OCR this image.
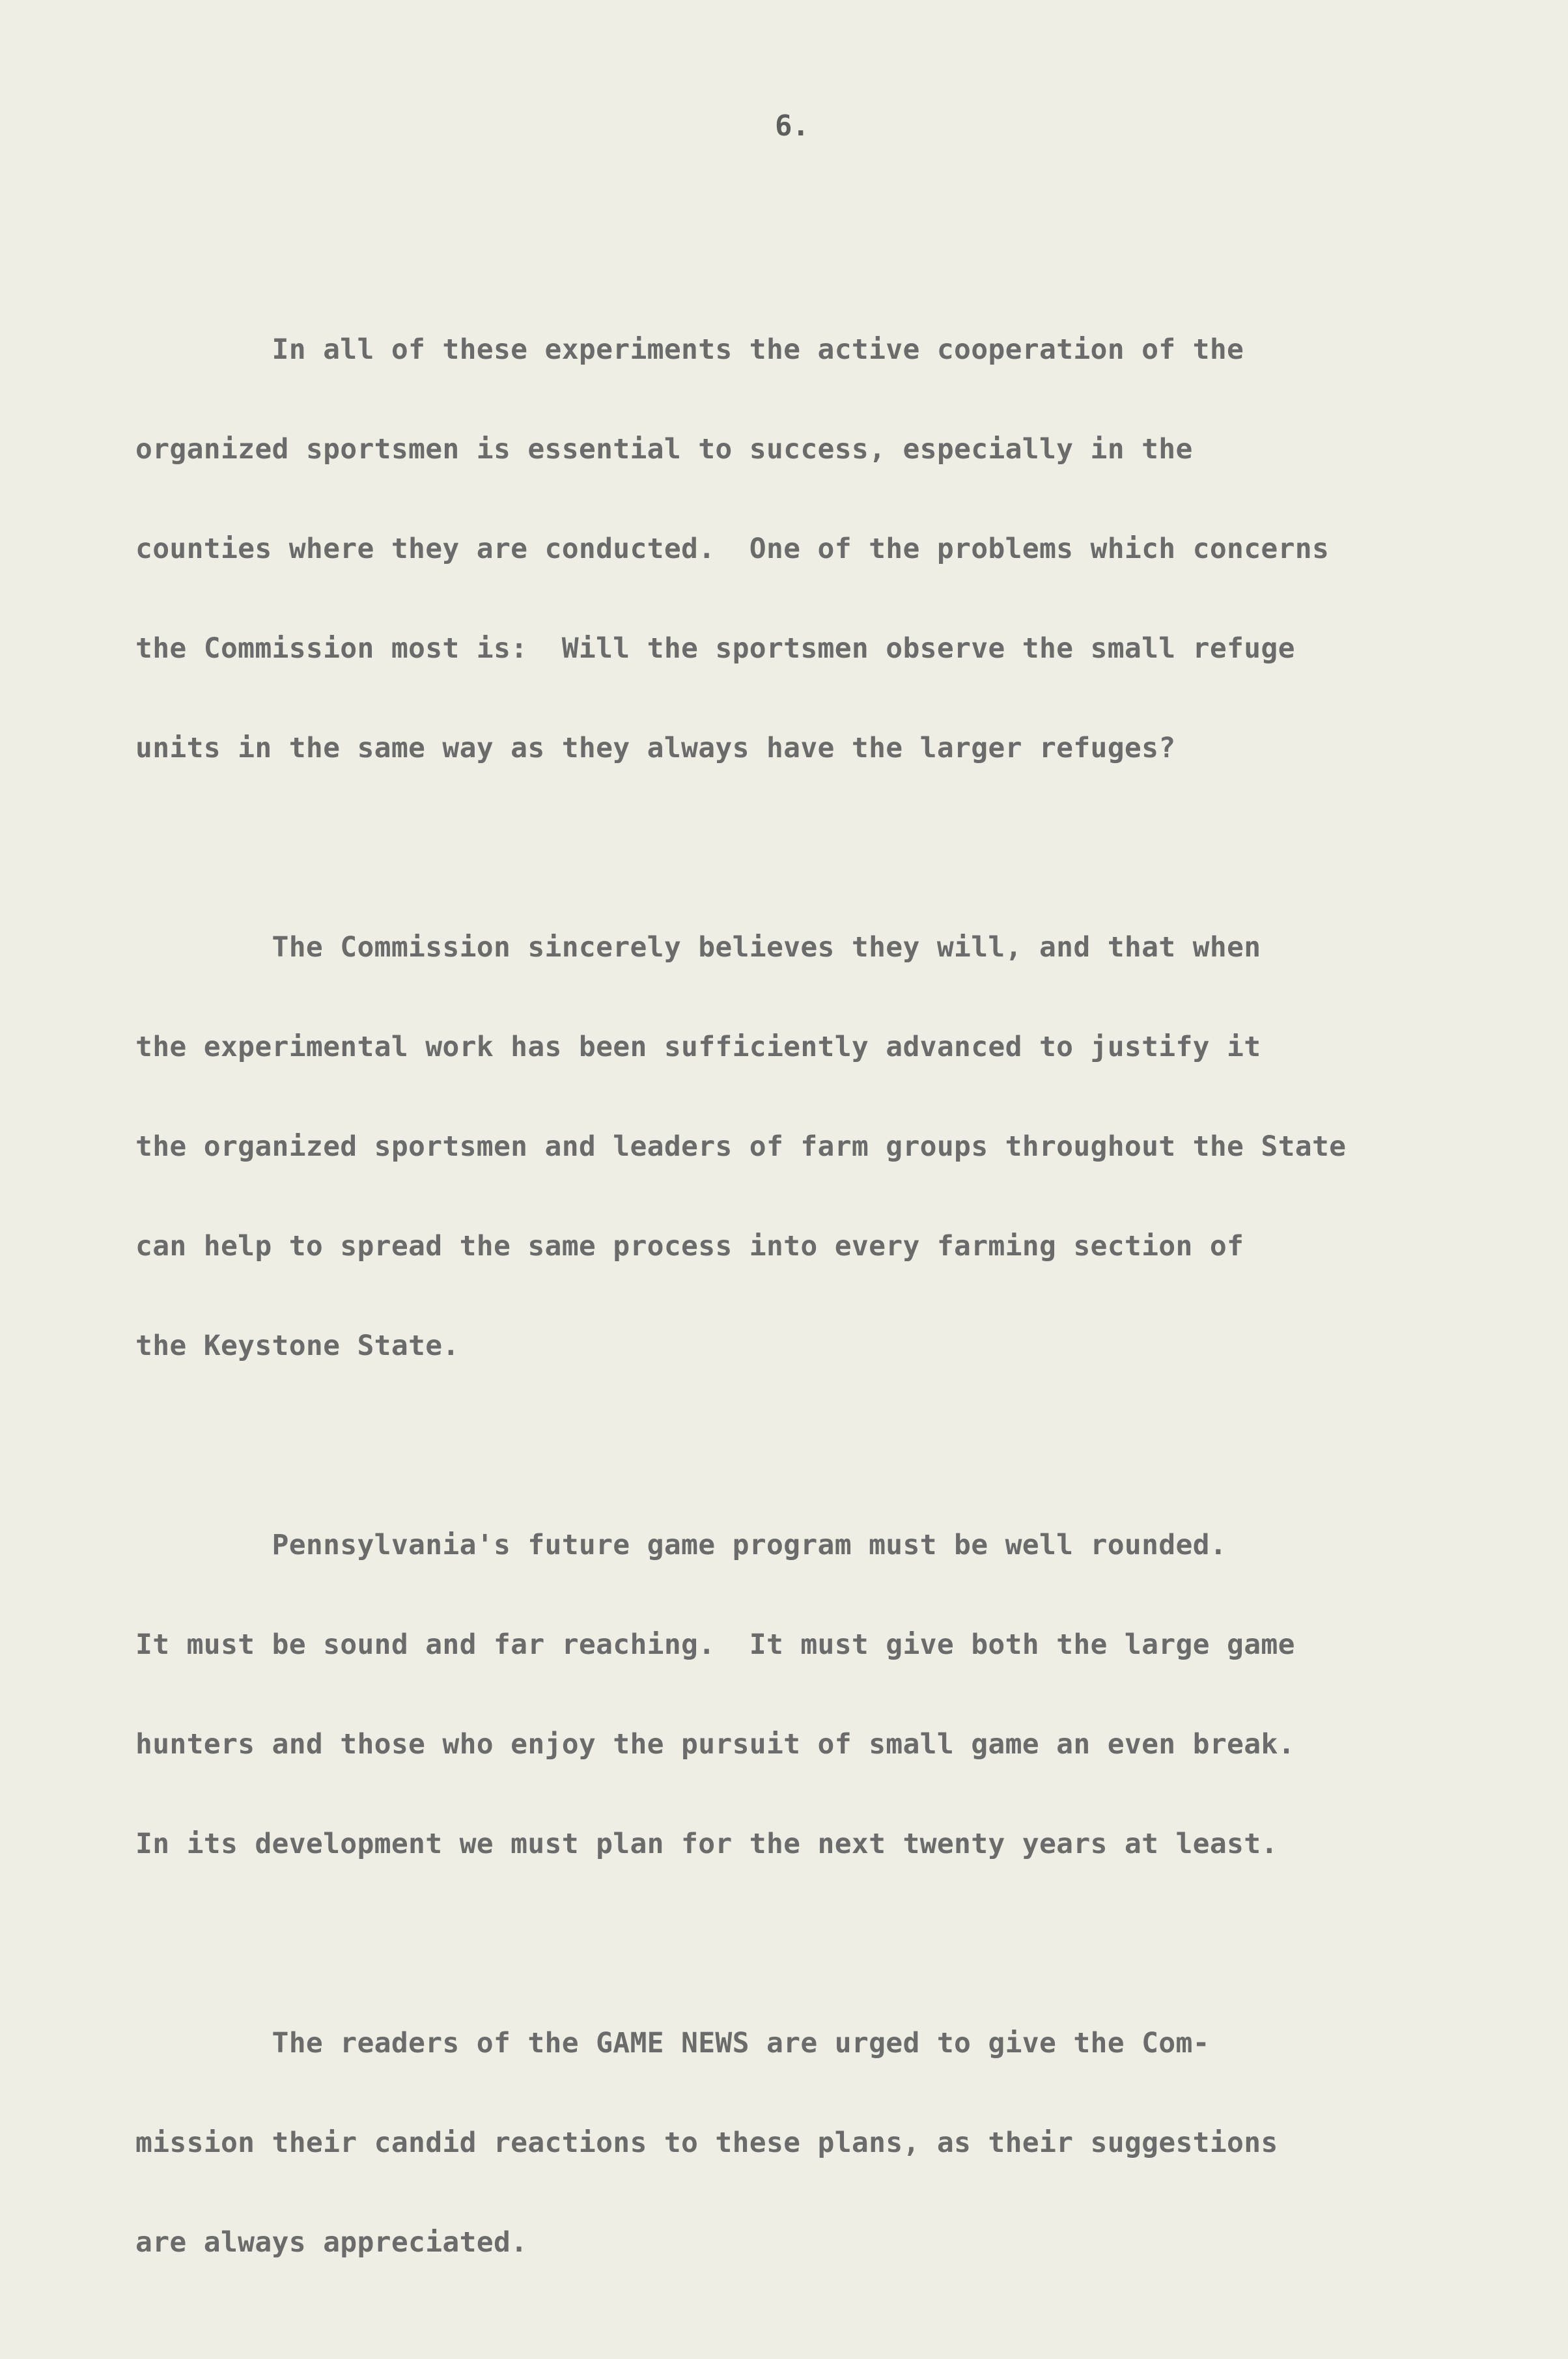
6.

In all of these experiments the active cooperation of the

organized sportsmen is essential to success, especially in the

counties where they are conducted.  One of the problems which concerns

the Commission most is:  Will the sportsmen observe the small refuge

units in the same way as they always have the larger refuges?

The Commission sincerely believes they will, and that when

the experimental work has been sufficiently advanced to justify it

the organized sportsmen and leaders of farm groups throughout the State

can help to spread the same process into every farming section of

the Keystone State.

Pennsylvania's future game program must be well rounded.

It must be sound and far reaching.  It must give both the large game

hunters and those who enjoy the pursuit of small game an even break.

In its development we must plan for the next twenty years at least.

The readers of the GAME NEWS are urged to give the Com-

mission their candid reactions to these plans, as their suggestions

are always appreciated.
